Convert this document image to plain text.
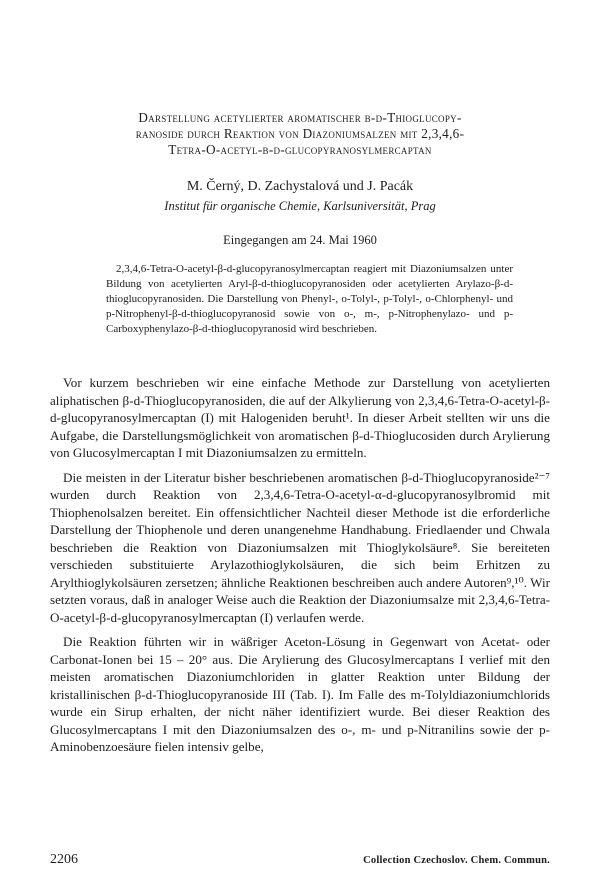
Darstellung acetylierter aromatischer β-d-Thioglucopy-
ranoside durch Reaktion von Diazoniumsalzen mit 2,3,4,6-
Tetra-O-acetyl-β-d-glucopyranosylmercaptan
M. Černý, D. Zachystalová und J. Pacák
Institut für organische Chemie, Karlsuniversität, Prag
Eingegangen am 24. Mai 1960
2,3,4,6-Tetra-O-acetyl-β-d-glucopyranosylmercaptan reagiert mit Diazoniumsalzen unter Bildung von acetylierten Aryl-β-d-thioglucopyranosiden oder acetylierten Arylazo-β-d-thioglucopyranosiden. Die Darstellung von Phenyl-, o-Tolyl-, p-Tolyl-, o-Chlorphenyl- und p-Nitrophenyl-β-d-thioglucopyranosid sowie von o-, m-, p-Nitrophenylazo- und p-Carboxyphenylazo-β-d-thioglucopyranosid wird beschrieben.

Vor kurzem beschrieben wir eine einfache Methode zur Darstellung von acetylierten aliphatischen β-d-Thioglucopyranosiden, die auf der Alkylierung von 2,3,4,6-Tetra-O-acetyl-β-d-glucopyranosylmercaptan (I) mit Halogeniden beruht¹. In dieser Arbeit stellten wir uns die Aufgabe, die Darstellungsmöglichkeit von aromatischen β-d-Thioglucosiden durch Arylierung von Glucosylmercaptan I mit Diazoniumsalzen zu ermitteln.

Die meisten in der Literatur bisher beschriebenen aromatischen β-d-Thioglucopyranoside²⁻⁷ wurden durch Reaktion von 2,3,4,6-Tetra-O-acetyl-α-d-glucopyranosylbromid mit Thiophenolsalzen bereitet. Ein offensichtlicher Nachteil dieser Methode ist die erforderliche Darstellung der Thiophenole und deren unangenehme Handhabung. Friedlaender und Chwala beschrieben die Reaktion von Diazoniumsalzen mit Thioglykolsäure⁸. Sie bereiteten verschieden substituierte Arylazothioglykolsäuren, die sich beim Erhitzen zu Arylthioglykolsäuren zersetzen; ähnliche Reaktionen beschreiben auch andere Autoren⁹,¹⁰. Wir setzten voraus, daß in analoger Weise auch die Reaktion der Diazoniumsalze mit 2,3,4,6-Tetra-O-acetyl-β-d-glucopyranosylmercaptan (I) verlaufen werde.

Die Reaktion führten wir in wäßriger Aceton-Lösung in Gegenwart von Acetat- oder Carbonat-Ionen bei 15 – 20° aus. Die Arylierung des Glucosylmercaptans I verlief mit den meisten aromatischen Diazoniumchloriden in glatter Reaktion unter Bildung der kristallinischen β-d-Thioglucopyranoside III (Tab. I). Im Falle des m-Tolyldiazoniumchlorids wurde ein Sirup erhalten, der nicht näher identifiziert wurde. Bei dieser Reaktion des Glucosylmercaptans I mit den Diazoniumsalzen des o-, m- und p-Nitranilins sowie der p-Aminobenzoesäure fielen intensiv gelbe,

2206	Collection Czechoslov. Chem. Commun.
